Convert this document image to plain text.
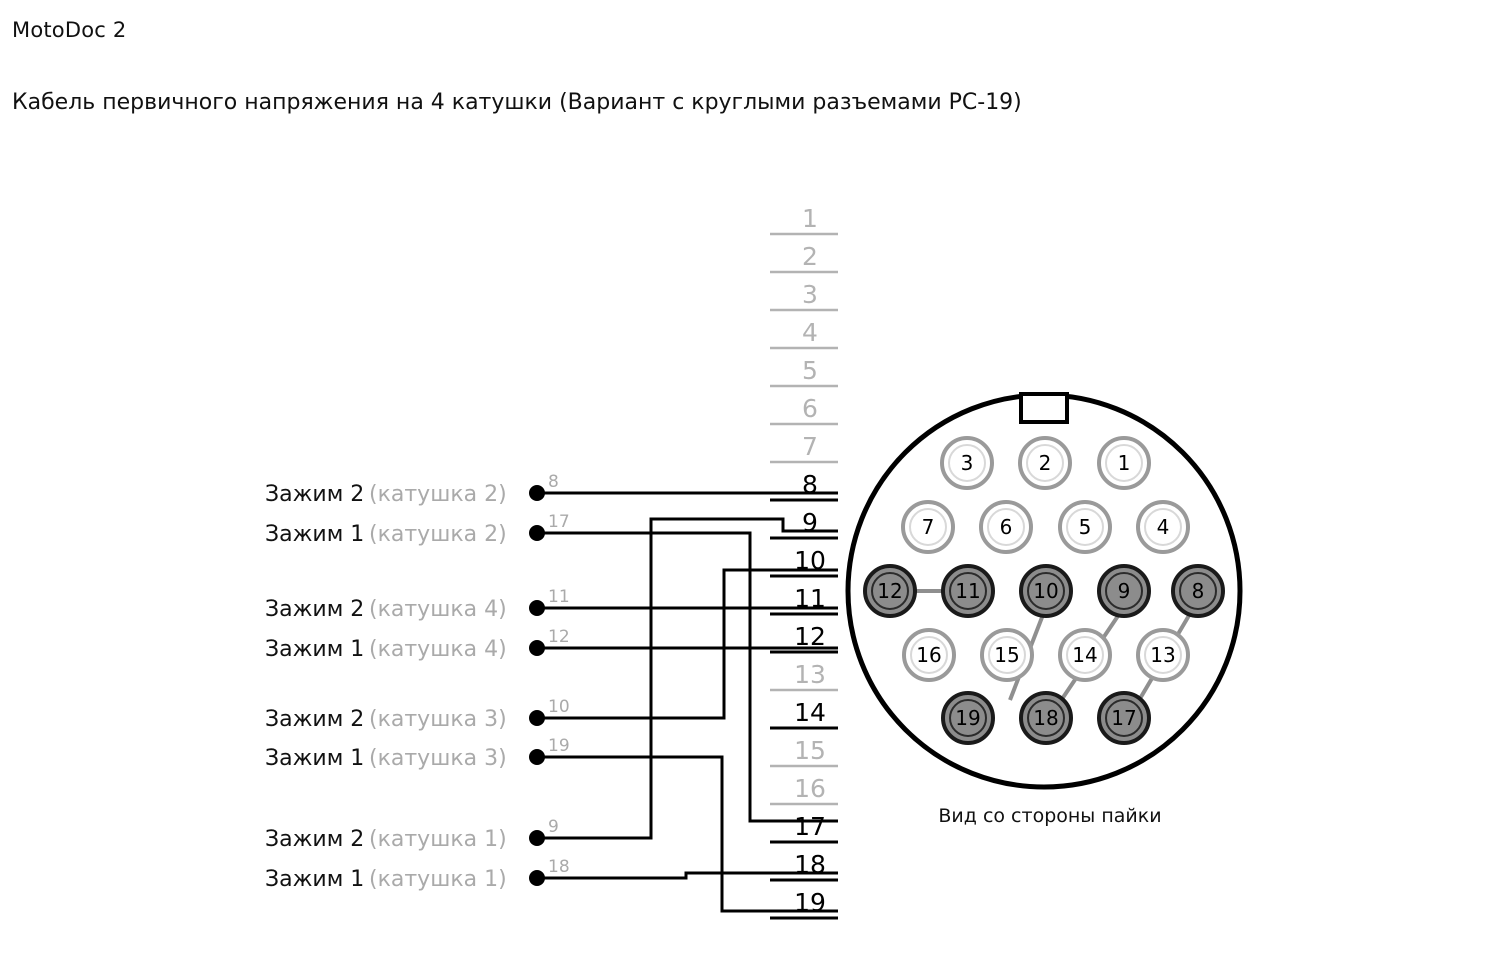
MotoDoc 2
Кабель первичного напряжения на 4 катушки (Вариант с круглыми разъемами РС-19)
1
2
3
4
5
6
7
8
9
10
11
12
13
14
15
16
17
18
19
Зажим 2 (катушка 2) 8
Зажим 1 (катушка 2) 17
Зажим 2 (катушка 4) 11
Зажим 1 (катушка 4) 12
Зажим 2 (катушка 3) 10
Зажим 1 (катушка 3) 19
Зажим 2 (катушка 1) 9
Зажим 1 (катушка 1) 18
3	2	1
7	6	5	4
12	11	10	9	8
16	15	14	13
19	18	17
Вид со стороны пайки
